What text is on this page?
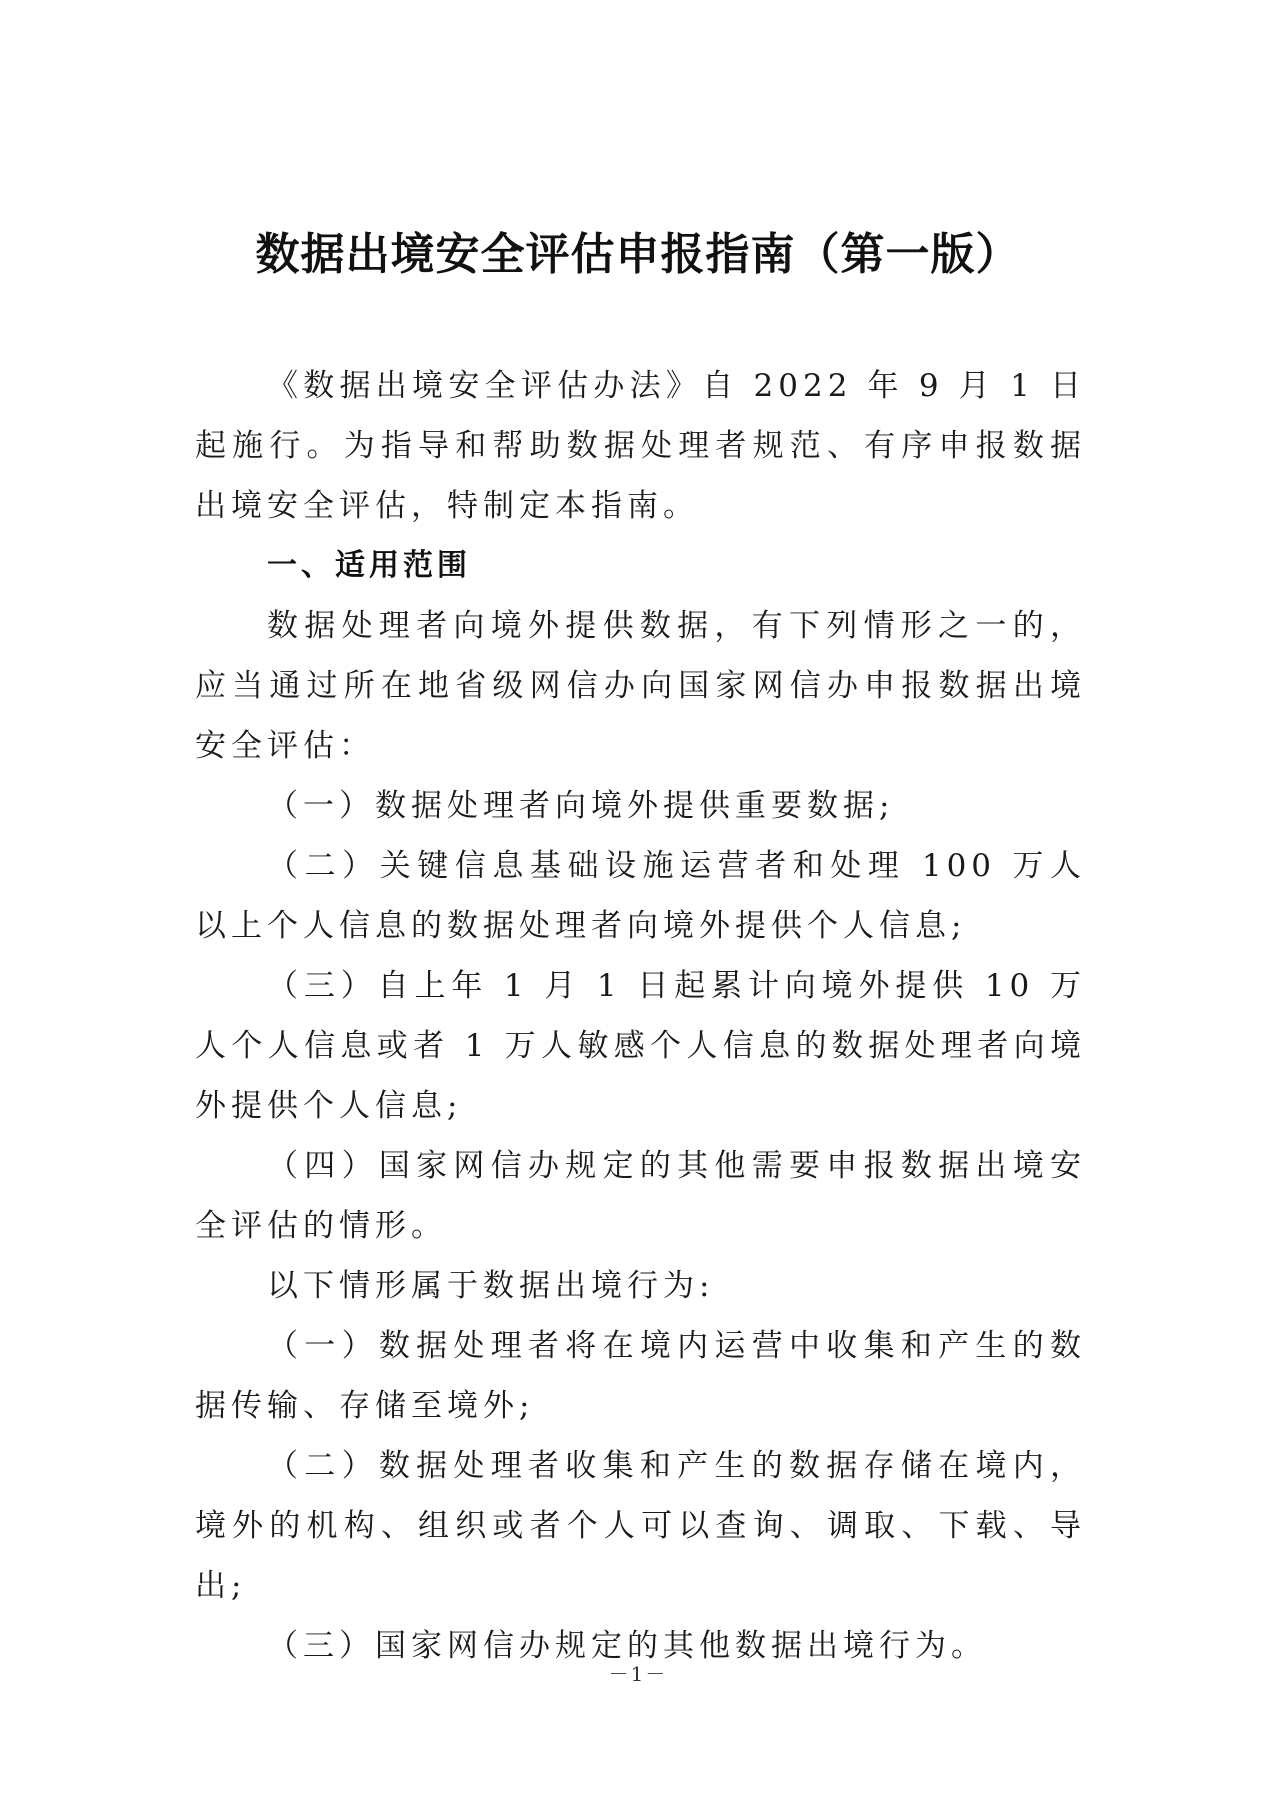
数据出境安全评估申报指南（第一版）

《数据出境安全评估办法》自 2022 年 9 月 1 日起施行。为指导和帮助数据处理者规范、有序申报数据出境安全评估，特制定本指南。

一、适用范围

数据处理者向境外提供数据，有下列情形之一的，应当通过所在地省级网信办向国家网信办申报数据出境安全评估：

（一）数据处理者向境外提供重要数据;

（二）关键信息基础设施运营者和处理 100 万人以上个人信息的数据处理者向境外提供个人信息;

（三）自上年 1 月 1 日起累计向境外提供 10 万人个人信息或者 1 万人敏感个人信息的数据处理者向境外提供个人信息;

（四）国家网信办规定的其他需要申报数据出境安全评估的情形。

以下情形属于数据出境行为:

（一）数据处理者将在境内运营中收集和产生的数据传输、存储至境外;

（二）数据处理者收集和产生的数据存储在境内，境外的机构、组织或者个人可以查询、调取、下载、导出;

（三）国家网信办规定的其他数据出境行为。

－1－
